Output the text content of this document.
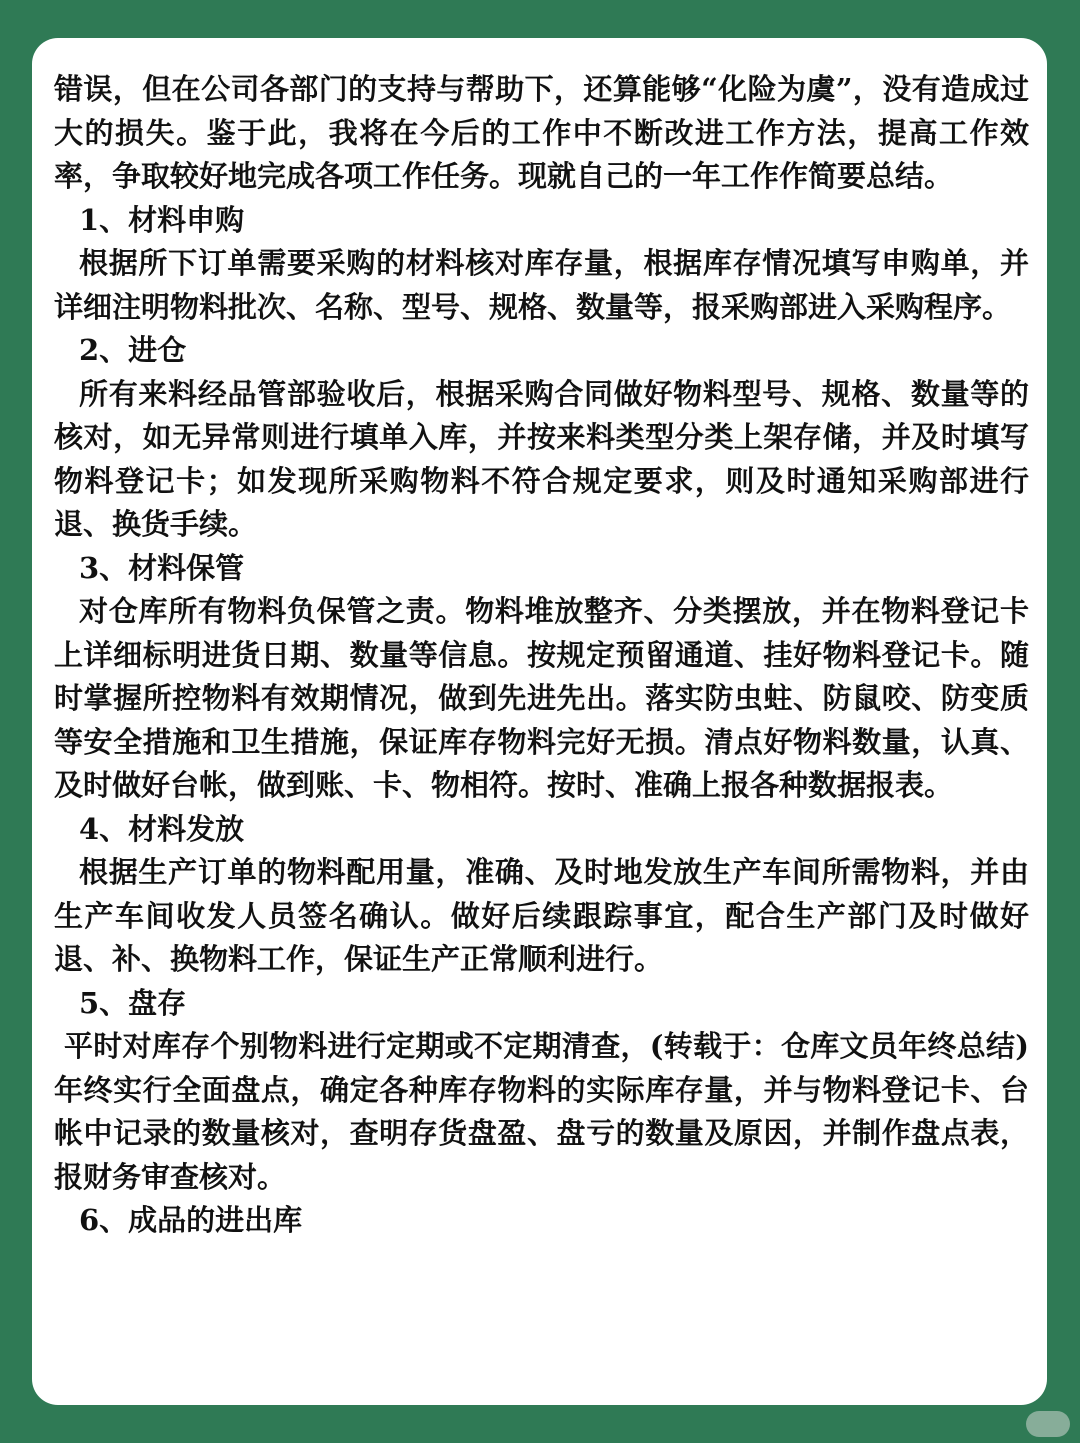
错误，但在公司各部门的支持与帮助下，还算能够“化险为虞”，没有造成过大的损失。鉴于此，我将在今后的工作中不断改进工作方法，提高工作效率，争取较好地完成各项工作任务。现就自己的一年工作作简要总结。

1、材料申购

根据所下订单需要采购的材料核对库存量，根据库存情况填写申购单，并详细注明物料批次、名称、型号、规格、数量等，报采购部进入采购程序。

2、进仓

所有来料经品管部验收后，根据采购合同做好物料型号、规格、数量等的核对，如无异常则进行填单入库，并按来料类型分类上架存储，并及时填写物料登记卡；如发现所采购物料不符合规定要求，则及时通知采购部进行退、换货手续。

3、材料保管

对仓库所有物料负保管之责。物料堆放整齐、分类摆放，并在物料登记卡上详细标明进货日期、数量等信息。按规定预留通道、挂好物料登记卡。随时掌握所控物料有效期情况，做到先进先出。落实防虫蛀、防鼠咬、防变质等安全措施和卫生措施，保证库存物料完好无损。清点好物料数量，认真、及时做好台帐，做到账、卡、物相符。按时、准确上报各种数据报表。

4、材料发放

根据生产订单的物料配用量，准确、及时地发放生产车间所需物料，并由生产车间收发人员签名确认。做好后续跟踪事宜，配合生产部门及时做好退、补、换物料工作，保证生产正常顺利进行。

5、盘存

平时对库存个别物料进行定期或不定期清查，(转载于：仓库文员年终总结)年终实行全面盘点，确定各种库存物料的实际库存量，并与物料登记卡、台帐中记录的数量核对，查明存货盘盈、盘亏的数量及原因，并制作盘点表，报财务审查核对。

6、成品的进出库
